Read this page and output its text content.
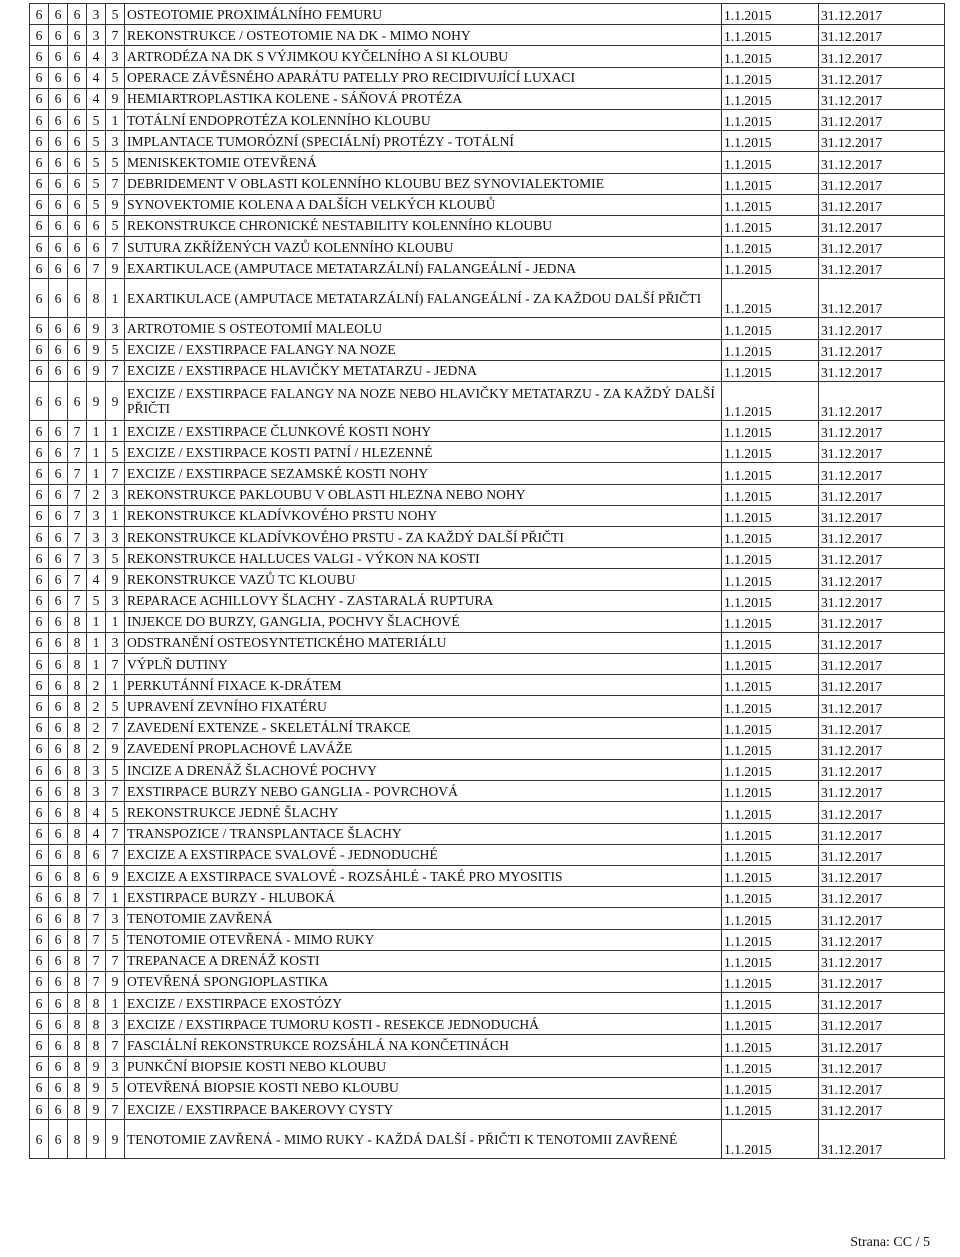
6	6	6	3	5	OSTEOTOMIE PROXIMÁLNÍHO FEMURU	1.1.2015	31.12.2017
6	6	6	3	7	REKONSTRUKCE / OSTEOTOMIE NA DK - MIMO NOHY	1.1.2015	31.12.2017
6	6	6	4	3	ARTRODÉZA NA DK S VÝJIMKOU KYČELNÍHO A SI KLOUBU	1.1.2015	31.12.2017
6	6	6	4	5	OPERACE ZÁVĚSNÉHO APARÁTU PATELLY PRO RECIDIVUJÍCÍ LUXACI	1.1.2015	31.12.2017
6	6	6	4	9	HEMIARTROPLASTIKA KOLENE - SÁŇOVÁ PROTÉZA	1.1.2015	31.12.2017
6	6	6	5	1	TOTÁLNÍ ENDOPROTÉZA KOLENNÍHO KLOUBU	1.1.2015	31.12.2017
6	6	6	5	3	IMPLANTACE TUMORÓZNÍ (SPECIÁLNÍ) PROTÉZY - TOTÁLNÍ	1.1.2015	31.12.2017
6	6	6	5	5	MENISKEKTOMIE OTEVŘENÁ	1.1.2015	31.12.2017
6	6	6	5	7	DEBRIDEMENT V OBLASTI KOLENNÍHO KLOUBU BEZ SYNOVIALEKTOMIE	1.1.2015	31.12.2017
6	6	6	5	9	SYNOVEKTOMIE KOLENA A DALŠÍCH VELKÝCH KLOUBŮ	1.1.2015	31.12.2017
6	6	6	6	5	REKONSTRUKCE CHRONICKÉ NESTABILITY KOLENNÍHO KLOUBU	1.1.2015	31.12.2017
6	6	6	6	7	SUTURA ZKŘÍŽENÝCH VAZŮ KOLENNÍHO KLOUBU	1.1.2015	31.12.2017
6	6	6	7	9	EXARTIKULACE (AMPUTACE METATARZÁLNÍ) FALANGEÁLNÍ - JEDNA	1.1.2015	31.12.2017
6	6	6	8	1	EXARTIKULACE (AMPUTACE METATARZÁLNÍ) FALANGEÁLNÍ - ZA KAŽDOU DALŠÍ PŘIČTI	1.1.2015	31.12.2017
6	6	6	9	3	ARTROTOMIE S OSTEOTOMIÍ MALEOLU	1.1.2015	31.12.2017
6	6	6	9	5	EXCIZE / EXSTIRPACE FALANGY NA NOZE	1.1.2015	31.12.2017
6	6	6	9	7	EXCIZE / EXSTIRPACE HLAVIČKY METATARZU - JEDNA	1.1.2015	31.12.2017
6	6	6	9	9	EXCIZE / EXSTIRPACE FALANGY NA NOZE NEBO HLAVIČKY METATARZU - ZA KAŽDÝ DALŠÍ PŘIČTI	1.1.2015	31.12.2017
6	6	7	1	1	EXCIZE / EXSTIRPACE ČLUNKOVÉ KOSTI NOHY	1.1.2015	31.12.2017
6	6	7	1	5	EXCIZE / EXSTIRPACE KOSTI PATNÍ / HLEZENNÉ	1.1.2015	31.12.2017
6	6	7	1	7	EXCIZE / EXSTIRPACE SEZAMSKÉ KOSTI NOHY	1.1.2015	31.12.2017
6	6	7	2	3	REKONSTRUKCE PAKLOUBU V OBLASTI HLEZNA NEBO NOHY	1.1.2015	31.12.2017
6	6	7	3	1	REKONSTRUKCE KLADÍVKOVÉHO PRSTU NOHY	1.1.2015	31.12.2017
6	6	7	3	3	REKONSTRUKCE KLADÍVKOVÉHO PRSTU - ZA KAŽDÝ DALŠÍ PŘIČTI	1.1.2015	31.12.2017
6	6	7	3	5	REKONSTRUKCE HALLUCES VALGI - VÝKON NA KOSTI	1.1.2015	31.12.2017
6	6	7	4	9	REKONSTRUKCE VAZŮ TC KLOUBU	1.1.2015	31.12.2017
6	6	7	5	3	REPARACE ACHILLOVY ŠLACHY - ZASTARALÁ RUPTURA	1.1.2015	31.12.2017
6	6	8	1	1	INJEKCE DO BURZY, GANGLIA, POCHVY ŠLACHOVÉ	1.1.2015	31.12.2017
6	6	8	1	3	ODSTRANĚNÍ OSTEOSYNTETICKÉHO MATERIÁLU	1.1.2015	31.12.2017
6	6	8	1	7	VÝPLŇ DUTINY	1.1.2015	31.12.2017
6	6	8	2	1	PERKUTÁNNÍ FIXACE K-DRÁTEM	1.1.2015	31.12.2017
6	6	8	2	5	UPRAVENÍ ZEVNÍHO FIXATÉRU	1.1.2015	31.12.2017
6	6	8	2	7	ZAVEDENÍ EXTENZE - SKELETÁLNÍ TRAKCE	1.1.2015	31.12.2017
6	6	8	2	9	ZAVEDENÍ PROPLACHOVÉ LAVÁŽE	1.1.2015	31.12.2017
6	6	8	3	5	INCIZE A DRENÁŽ ŠLACHOVÉ POCHVY	1.1.2015	31.12.2017
6	6	8	3	7	EXSTIRPACE BURZY NEBO GANGLIA - POVRCHOVÁ	1.1.2015	31.12.2017
6	6	8	4	5	REKONSTRUKCE JEDNÉ ŠLACHY	1.1.2015	31.12.2017
6	6	8	4	7	TRANSPOZICE / TRANSPLANTACE ŠLACHY	1.1.2015	31.12.2017
6	6	8	6	7	EXCIZE A EXSTIRPACE SVALOVÉ - JEDNODUCHÉ	1.1.2015	31.12.2017
6	6	8	6	9	EXCIZE A EXSTIRPACE SVALOVÉ - ROZSÁHLÉ - TAKÉ PRO MYOSITIS	1.1.2015	31.12.2017
6	6	8	7	1	EXSTIRPACE BURZY - HLUBOKÁ	1.1.2015	31.12.2017
6	6	8	7	3	TENOTOMIE ZAVŘENÁ	1.1.2015	31.12.2017
6	6	8	7	5	TENOTOMIE OTEVŘENÁ - MIMO RUKY	1.1.2015	31.12.2017
6	6	8	7	7	TREPANACE A DRENÁŽ KOSTI	1.1.2015	31.12.2017
6	6	8	7	9	OTEVŘENÁ SPONGIOPLASTIKA	1.1.2015	31.12.2017
6	6	8	8	1	EXCIZE / EXSTIRPACE EXOSTÓZY	1.1.2015	31.12.2017
6	6	8	8	3	EXCIZE / EXSTIRPACE TUMORU KOSTI - RESEKCE JEDNODUCHÁ	1.1.2015	31.12.2017
6	6	8	8	7	FASCIÁLNÍ REKONSTRUKCE ROZSÁHLÁ NA KONČETINÁCH	1.1.2015	31.12.2017
6	6	8	9	3	PUNKČNÍ BIOPSIE KOSTI NEBO KLOUBU	1.1.2015	31.12.2017
6	6	8	9	5	OTEVŘENÁ BIOPSIE KOSTI NEBO KLOUBU	1.1.2015	31.12.2017
6	6	8	9	7	EXCIZE / EXSTIRPACE BAKEROVY CYSTY	1.1.2015	31.12.2017
6	6	8	9	9	TENOTOMIE ZAVŘENÁ - MIMO RUKY - KAŽDÁ DALŠÍ - PŘIČTI K TENOTOMII ZAVŘENÉ	1.1.2015	31.12.2017
Strana: CC / 5
